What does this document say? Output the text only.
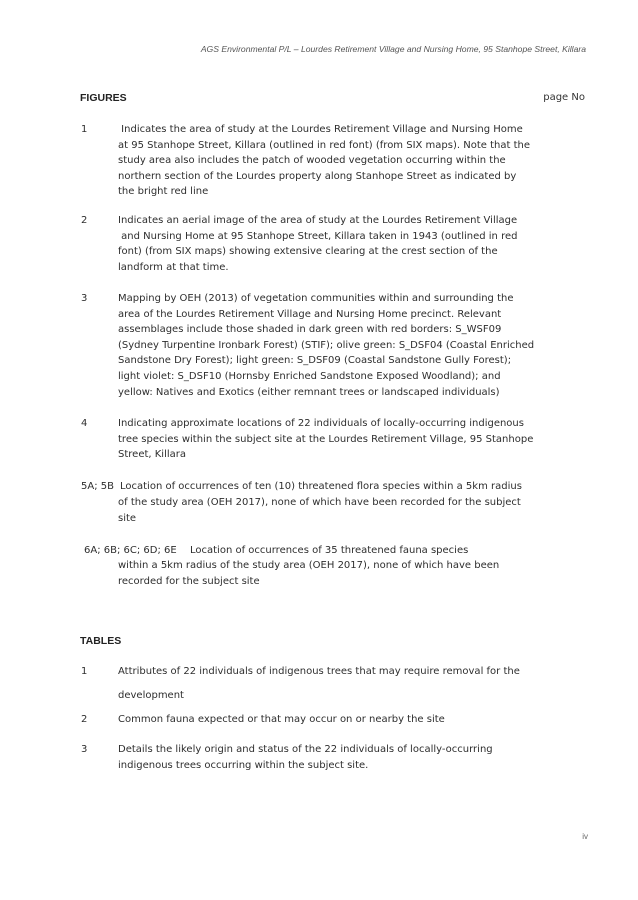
AGS Environmental P/L – Lourdes Retirement Village and Nursing Home, 95 Stanhope Street, Killara
FIGURES	page No
1	Indicates the area of study at the Lourdes Retirement Village and Nursing Home
at 95 Stanhope Street, Killara (outlined in red font) (from SIX maps). Note that the
study area also includes the patch of wooded vegetation occurring within the
northern section of the Lourdes property along Stanhope Street as indicated by
the bright red line
2	Indicates an aerial image of the area of study at the Lourdes Retirement Village
and Nursing Home at 95 Stanhope Street, Killara taken in 1943 (outlined in red
font) (from SIX maps) showing extensive clearing at the crest section of the
landform at that time.
3	Mapping by OEH (2013) of vegetation communities within and surrounding the
area of the Lourdes Retirement Village and Nursing Home precinct. Relevant
assemblages include those shaded in dark green with red borders: S_WSF09
(Sydney Turpentine Ironbark Forest) (STIF); olive green: S_DSF04 (Coastal Enriched
Sandstone Dry Forest); light green: S_DSF09 (Coastal Sandstone Gully Forest);
light violet: S_DSF10 (Hornsby Enriched Sandstone Exposed Woodland); and
yellow: Natives and Exotics (either remnant trees or landscaped individuals)
4	Indicating approximate locations of 22 individuals of locally-occurring indigenous
tree species within the subject site at the Lourdes Retirement Village, 95 Stanhope
Street, Killara
5A; 5B Location of occurrences of ten (10) threatened flora species within a 5km radius
of the study area (OEH 2017), none of which have been recorded for the subject
site
6A; 6B; 6C; 6D; 6E Location of occurrences of 35 threatened fauna species
within a 5km radius of the study area (OEH 2017), none of which have been
recorded for the subject site
TABLES
1	Attributes of 22 individuals of indigenous trees that may require removal for the
development
2	Common fauna expected or that may occur on or nearby the site
3	Details the likely origin and status of the 22 individuals of locally-occurring
indigenous trees occurring within the subject site.
iv
